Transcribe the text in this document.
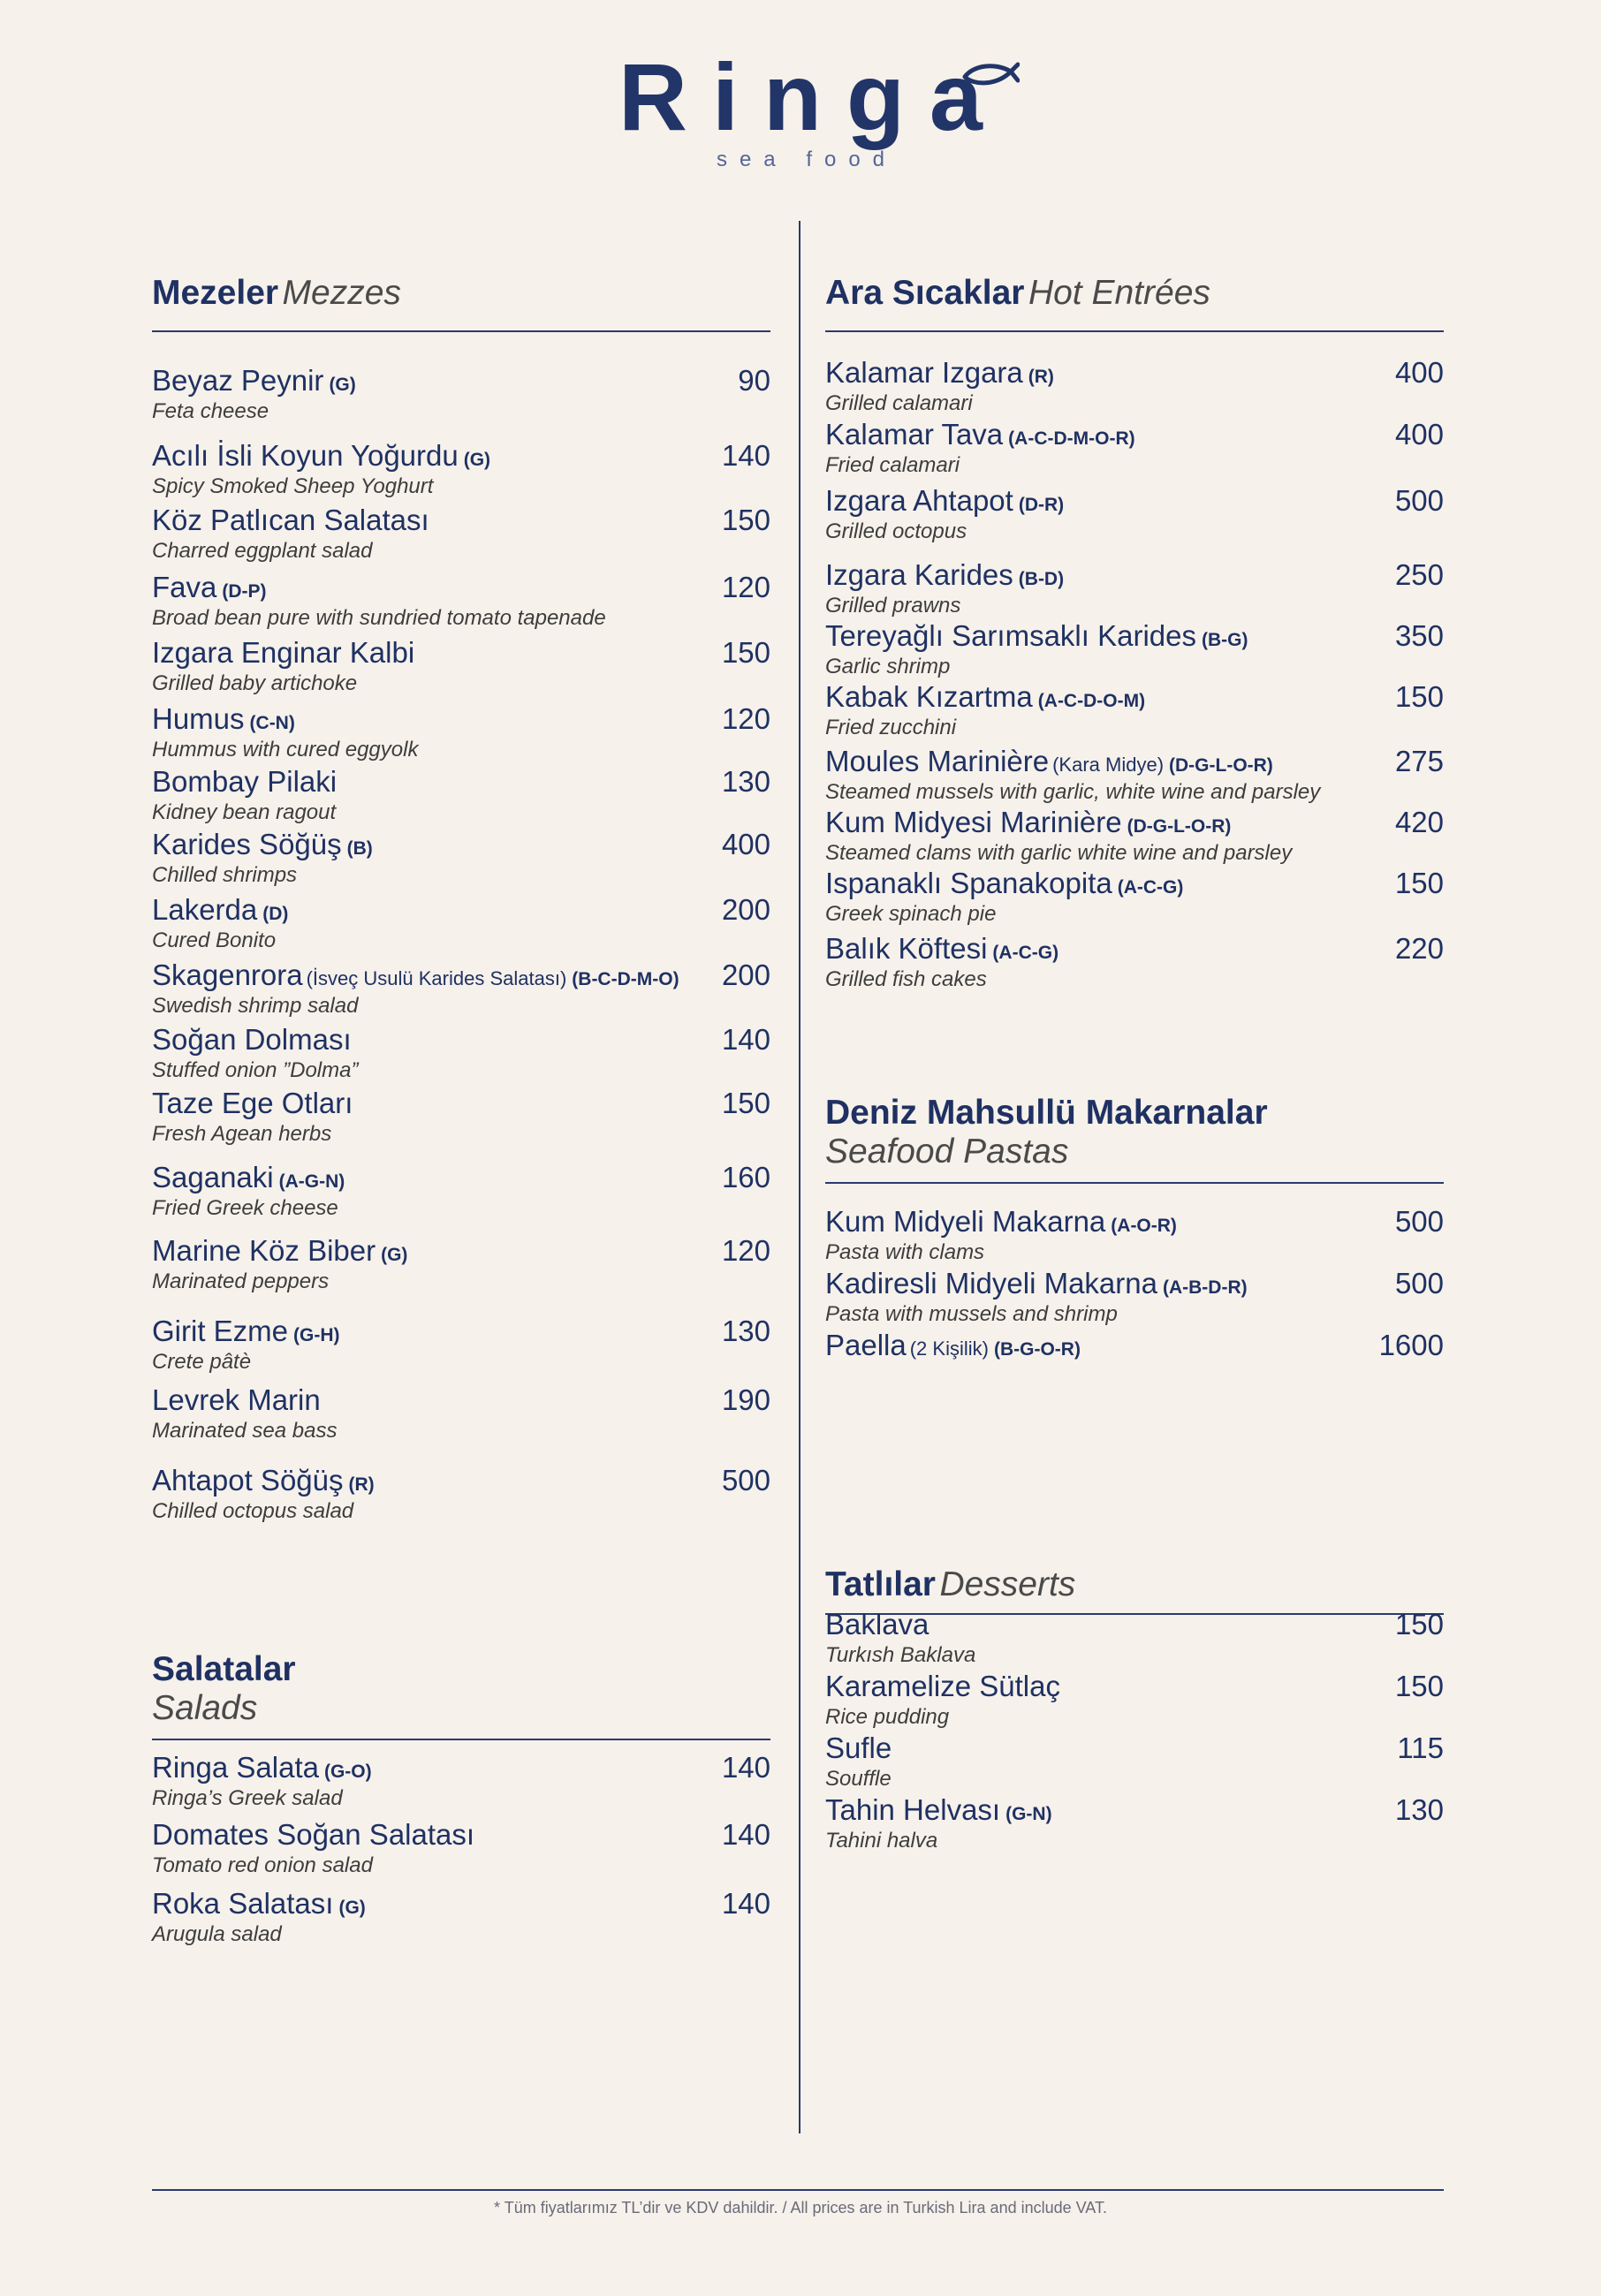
Ringa
sea food
Mezeler Mezzes
Beyaz Peynir (G)
Feta cheese
90
Acılı İsli Koyun Yoğurdu (G)
Spicy Smoked Sheep Yoghurt
140
Köz Patlıcan Salatası
Charred eggplant salad
150
Fava (D-P)
Broad bean pure with sundried tomato tapenade
120
Izgara Enginar Kalbi
Grilled baby artichoke
150
Humus (C-N)
Hummus with cured eggyolk
120
Bombay Pilaki
Kidney bean ragout
130
Karides Söğüş (B)
Chilled shrimps
400
Lakerda (D)
Cured Bonito
200
Skagenrora (İsveç Usulü Karides Salatası) (B-C-D-M-O)
Swedish shrimp salad
200
Soğan Dolması
Stuffed onion ”Dolma”
140
Taze Ege Otları
Fresh Agean herbs
150
Saganaki (A-G-N)
Fried Greek cheese
160
Marine Köz Biber (G)
Marinated peppers
120
Girit Ezme (G-H)
Crete pâtè
130
Levrek Marin
Marinated sea bass
190
Ahtapot Söğüş (R)
Chilled octopus salad
500
Salatalar
Salads
Ringa Salata (G-O)
Ringa’s Greek salad
140
Domates Soğan Salatası
Tomato red onion salad
140
Roka Salatası (G)
Arugula salad
140
Ara Sıcaklar Hot Entrées
Kalamar Izgara (R)
Grilled calamari
400
Kalamar Tava (A-C-D-M-O-R)
Fried calamari
400
Izgara Ahtapot (D-R)
Grilled octopus
500
Izgara Karides (B-D)
Grilled prawns
250
Tereyağlı Sarımsaklı Karides (B-G)
Garlic shrimp
350
Kabak Kızartma (A-C-D-O-M)
Fried zucchini
150
Moules Marinière (Kara Midye) (D-G-L-O-R)
Steamed mussels with garlic, white wine and parsley
275
Kum Midyesi Marinière (D-G-L-O-R)
Steamed clams with garlic white wine and parsley
420
Ispanaklı Spanakopita (A-C-G)
Greek spinach pie
150
Balık Köftesi (A-C-G)
Grilled fish cakes
220
Deniz Mahsullü Makarnalar
Seafood Pastas
Kum Midyeli Makarna (A-O-R)
Pasta with clams
500
Kadiresli Midyeli Makarna (A-B-D-R)
Pasta with mussels and shrimp
500
Paella (2 Kişilik) (B-G-O-R)	1600
Tatlılar Desserts
Baklava
Turkısh Baklava
150
Karamelize Sütlaç
Rice pudding
150
Sufle
Souffle
115
Tahin Helvası (G-N)
Tahini halva
130
* Tüm fiyatlarımız TL’dir ve KDV dahildir. / All prices are in Turkish Lira and include VAT.
